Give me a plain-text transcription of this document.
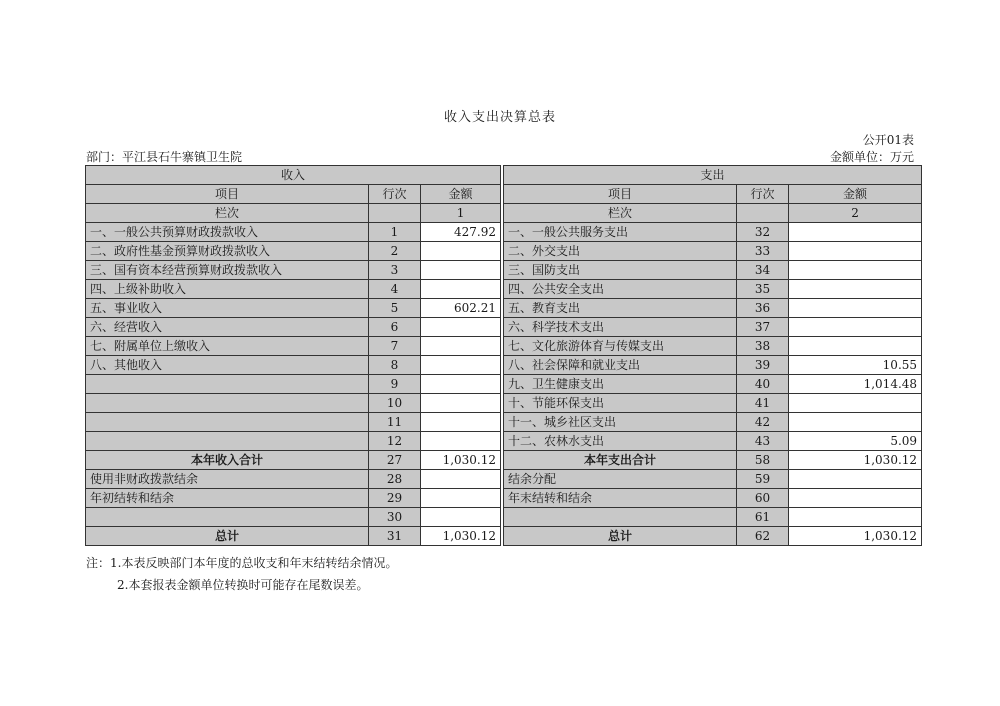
收入支出决算总表
公开01表
部门：平江县石牛寨镇卫生院	金额单位：万元
收入				支出		
项目	行次	金额		项目	行次	金额
栏次		1		栏次		2
一、一般公共预算财政拨款收入	1	427.92		一、一般公共服务支出	32	
二、政府性基金预算财政拨款收入	2			二、外交支出	33	
三、国有资本经营预算财政拨款收入	3			三、国防支出	34	
四、上级补助收入	4			四、公共安全支出	35	
五、事业收入	5	602.21		五、教育支出	36	
六、经营收入	6			六、科学技术支出	37	
七、附属单位上缴收入	7			七、文化旅游体育与传媒支出	38	
八、其他收入	8			八、社会保障和就业支出	39	10.55
	9			九、卫生健康支出	40	1,014.48
	10			十、节能环保支出	41	
	11			十一、城乡社区支出	42	
	12			十二、农林水支出	43	5.09
本年收入合计	27	1,030.12		本年支出合计	58	1,030.12
使用非财政拨款结余	28			结余分配	59	
年初结转和结余	29			年末结转和结余	60	
	30				61	
总计	31	1,030.12		总计	62	1,030.12
注：1.本表反映部门本年度的总收支和年末结转结余情况。
2.本套报表金额单位转换时可能存在尾数误差。
